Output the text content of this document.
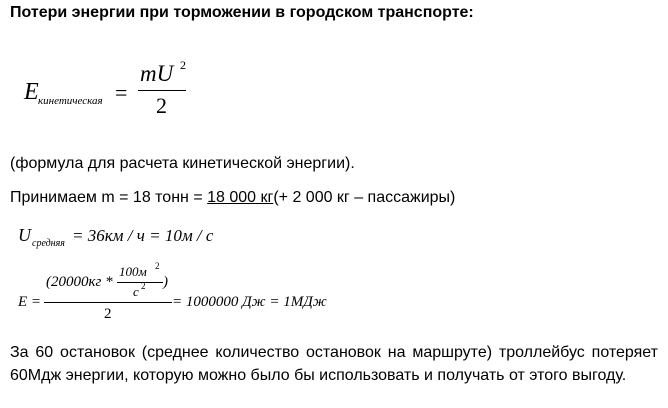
Потери энергии при торможении в городском транспорте:
E кинетическая =
mU 2
2
(формула для расчета кинетической энергии).
Принимаем m = 18 тонн = 18 000 кг(+ 2 000 кг – пассажиры)
U средняя = 36км / ч = 10м / с
E =
(20000кг *
100м 2
с 2 )
2
= 1000000 Дж = 1МДж
За 60 остановок (среднее количество остановок на маршруте) троллейбус потеряет 60Мдж энергии, которую можно было бы использовать и получать от этого выгоду.
